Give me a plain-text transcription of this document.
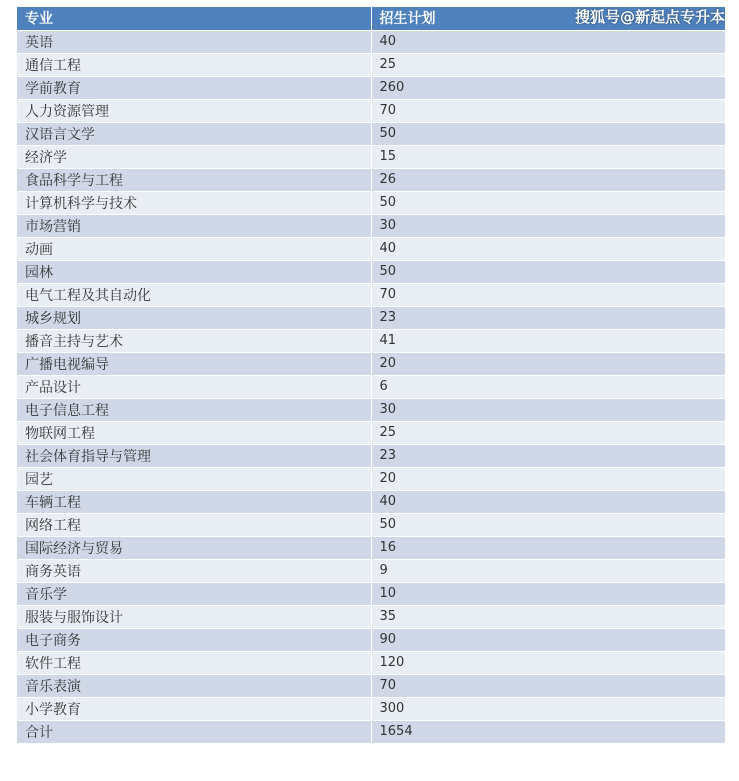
专业	招生计划
英语	40
通信工程	25
学前教育	260
人力资源管理	70
汉语言文学	50
经济学	15
食品科学与工程	26
计算机科学与技术	50
市场营销	30
动画	40
园林	50
电气工程及其自动化	70
城乡规划	23
播音主持与艺术	41
广播电视编导	20
产品设计	6
电子信息工程	30
物联网工程	25
社会体育指导与管理	23
园艺	20
车辆工程	40
网络工程	50
国际经济与贸易	16
商务英语	9
音乐学	10
服装与服饰设计	35
电子商务	90
软件工程	120
音乐表演	70
小学教育	300
合计	1654
搜狐号@新起点专升本
